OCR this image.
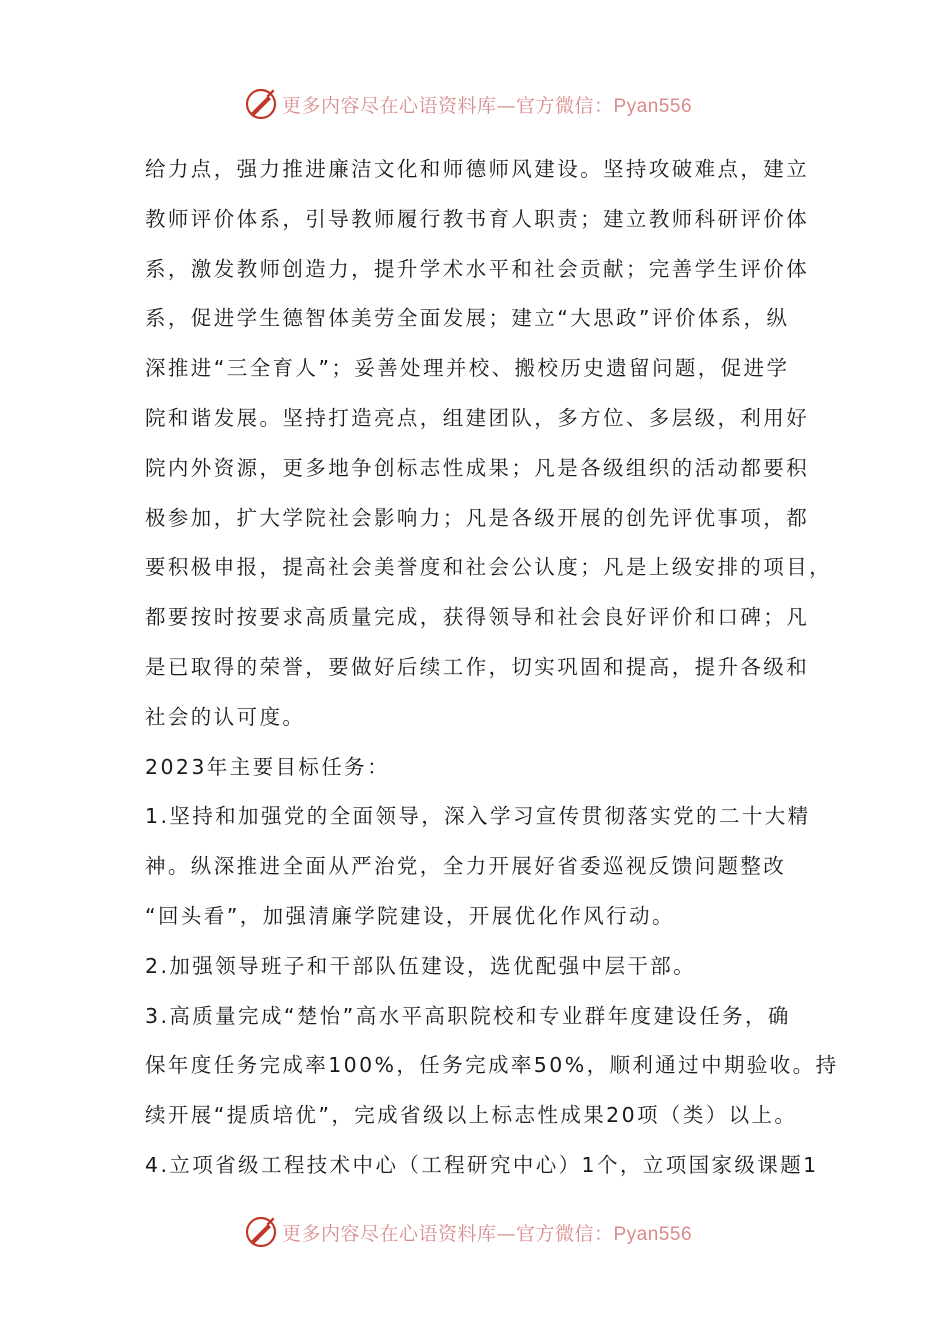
更多内容尽在心语资料库—官方微信：Pyan556
给力点，强力推进廉洁文化和师德师风建设。坚持攻破难点，建立
教师评价体系，引导教师履行教书育人职责；建立教师科研评价体
系，激发教师创造力，提升学术水平和社会贡献；完善学生评价体
系，促进学生德智体美劳全面发展；建立“大思政”评价体系，纵
深推进“三全育人”；妥善处理并校、搬校历史遗留问题，促进学
院和谐发展。坚持打造亮点，组建团队，多方位、多层级，利用好
院内外资源，更多地争创标志性成果；凡是各级组织的活动都要积
极参加，扩大学院社会影响力；凡是各级开展的创先评优事项，都
要积极申报，提高社会美誉度和社会公认度；凡是上级安排的项目，
都要按时按要求高质量完成，获得领导和社会良好评价和口碑；凡
是已取得的荣誉，要做好后续工作，切实巩固和提高，提升各级和
社会的认可度。
2023年主要目标任务：
1.坚持和加强党的全面领导，深入学习宣传贯彻落实党的二十大精
神。纵深推进全面从严治党，全力开展好省委巡视反馈问题整改
“回头看”，加强清廉学院建设，开展优化作风行动。
2.加强领导班子和干部队伍建设，选优配强中层干部。
3.高质量完成“楚怡”高水平高职院校和专业群年度建设任务，确
保年度任务完成率100%，任务完成率50%，顺利通过中期验收。持
续开展“提质培优”，完成省级以上标志性成果20项（类）以上。
4.立项省级工程技术中心（工程研究中心）1个，立项国家级课题1
更多内容尽在心语资料库—官方微信：Pyan556
